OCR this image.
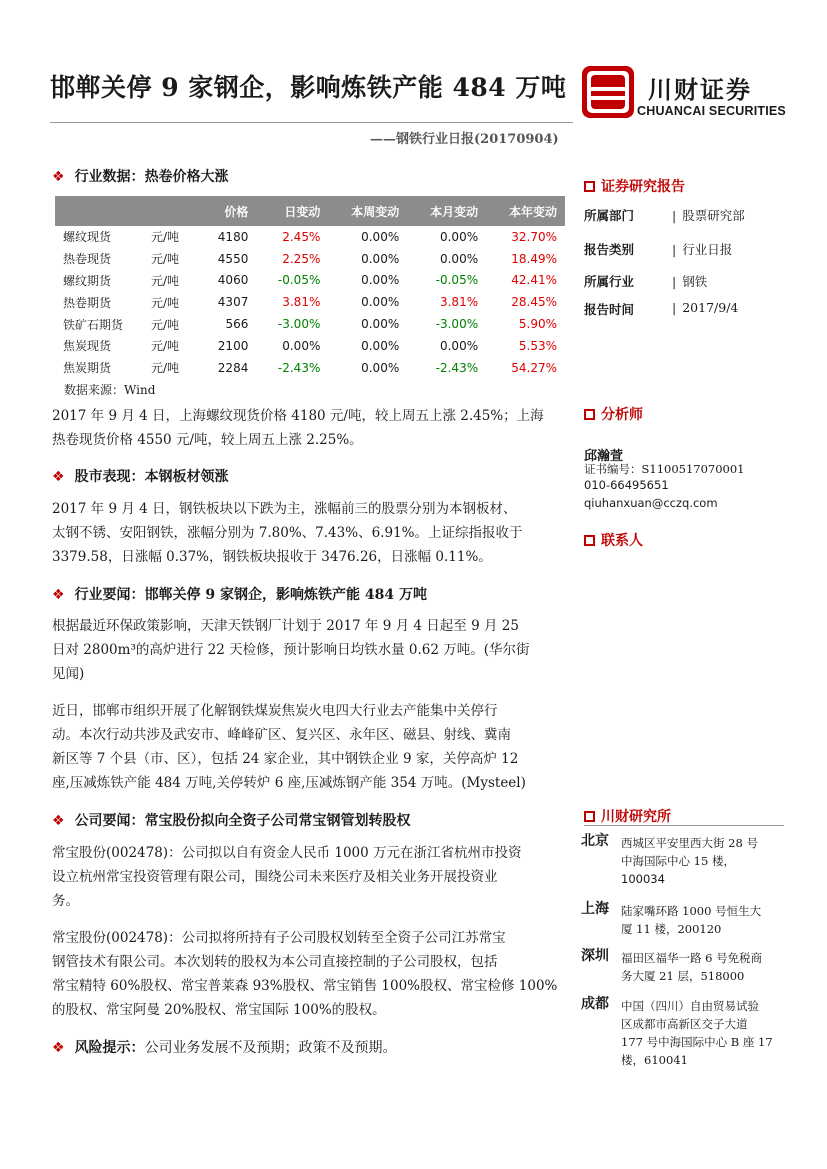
邯郸关停 9 家钢企，影响炼铁产能 484 万吨	川财证券
CHUANCAI SECURITIES
——钢铁行业日报(20170904)
❖ 行业数据：热卷价格大涨
		价格	日变动	本周变动	本月变动	本年变动
螺纹现货	元/吨	4180	2.45%	0.00%	0.00%	32.70%
热卷现货	元/吨	4550	2.25%	0.00%	0.00%	18.49%
螺纹期货	元/吨	4060	-0.05%	0.00%	-0.05%	42.41%
热卷期货	元/吨	4307	3.81%	0.00%	3.81%	28.45%
铁矿石期货	元/吨	566	-3.00%	0.00%	-3.00%	5.90%
焦炭现货	元/吨	2100	0.00%	0.00%	0.00%	5.53%
焦炭期货	元/吨	2284	-2.43%	0.00%	-2.43%	54.27%
数据来源：Wind
2017 年 9 月 4 日，上海螺纹现货价格 4180 元/吨，较上周五上涨 2.45%；上海
热卷现货价格 4550 元/吨，较上周五上涨 2.25%。
❖ 股市表现：本钢板材领涨
2017 年 9 月 4 日，钢铁板块以下跌为主，涨幅前三的股票分别为本钢板材、
太钢不锈、安阳钢铁，涨幅分别为 7.80%、7.43%、6.91%。上证综指报收于
3379.58，日涨幅 0.37%，钢铁板块报收于 3476.26，日涨幅 0.11%。
❖ 行业要闻：邯郸关停 9 家钢企，影响炼铁产能 484 万吨
根据最近环保政策影响，天津天铁钢厂计划于 2017 年 9 月 4 日起至 9 月 25
日对 2800m³的高炉进行 22 天检修，预计影响日均铁水量 0.62 万吨。(华尔街
见闻)
近日，邯郸市组织开展了化解钢铁煤炭焦炭火电四大行业去产能集中关停行
动。本次行动共涉及武安市、峰峰矿区、复兴区、永年区、磁县、射线、冀南
新区等 7 个县（市、区），包括 24 家企业，其中钢铁企业 9 家，关停高炉 12
座,压减炼铁产能 484 万吨,关停转炉 6 座,压减炼钢产能 354 万吨。(Mysteel)
❖ 公司要闻：常宝股份拟向全资子公司常宝钢管划转股权
常宝股份(002478)：公司拟以自有资金人民币 1000 万元在浙江省杭州市投资
设立杭州常宝投资管理有限公司，围绕公司未来医疗及相关业务开展投资业
务。
常宝股份(002478)：公司拟将所持有子公司股权划转至全资子公司江苏常宝
钢管技术有限公司。本次划转的股权为本公司直接控制的子公司股权，包括
常宝精特 60%股权、常宝普莱森 93%股权、常宝销售 100%股权、常宝检修 100%
的股权、常宝阿曼 20%股权、常宝国际 100%的股权。
❖ 风险提示：公司业务发展不及预期；政策不及预期。
证券研究报告
所属部门	| 股票研究部
报告类别	| 行业日报
所属行业	| 钢铁
报告时间	| 2017/9/4
分析师
邱瀚萱
证书编号：S1100517070001
010-66495651
qiuhanxuan@cczq.com
联系人
川财研究所
北京 西城区平安里西大街 28 号
中海国际中心 15 楼，
100034
上海 陆家嘴环路 1000 号恒生大
厦 11 楼，200120
深圳 福田区福华一路 6 号免税商
务大厦 21 层，518000
成都 中国（四川）自由贸易试验
区成都市高新区交子大道
177 号中海国际中心 B 座 17
楼，610041
